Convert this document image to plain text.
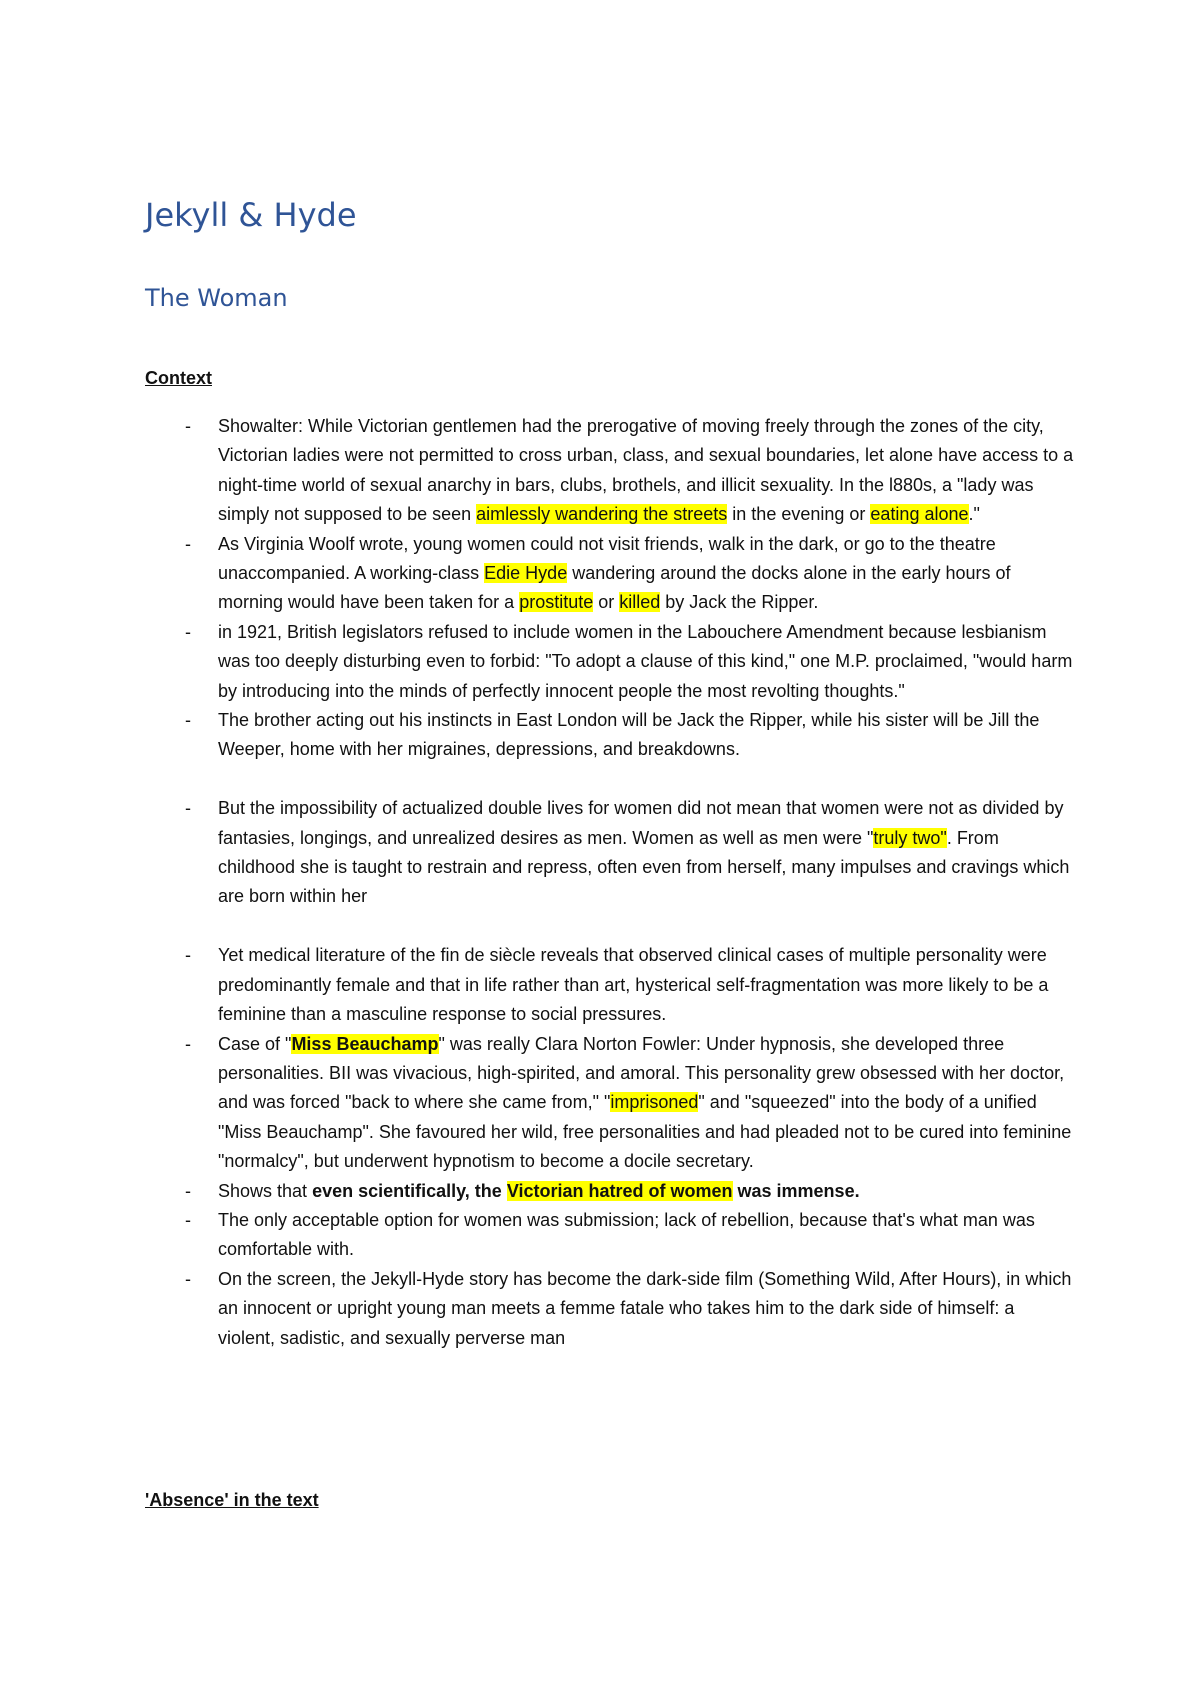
Jekyll & Hyde
The Woman
Context
- Showalter: While Victorian gentlemen had the prerogative of moving freely through the zones of the city, Victorian ladies were not permitted to cross urban, class, and sexual boundaries, let alone have access to a night-time world of sexual anarchy in bars, clubs, brothels, and illicit sexuality. In the l880s, a "lady was simply not supposed to be seen aimlessly wandering the streets in the evening or eating alone."
- As Virginia Woolf wrote, young women could not visit friends, walk in the dark, or go to the theatre unaccompanied. A working-class Edie Hyde wandering around the docks alone in the early hours of morning would have been taken for a prostitute or killed by Jack the Ripper.
- in 1921, British legislators refused to include women in the Labouchere Amendment because lesbianism was too deeply disturbing even to forbid: "To adopt a clause of this kind," one M.P. proclaimed, "would harm by introducing into the minds of perfectly innocent people the most revolting thoughts."
- The brother acting out his instincts in East London will be Jack the Ripper, while his sister will be Jill the Weeper, home with her migraines, depressions, and breakdowns.
- But the impossibility of actualized double lives for women did not mean that women were not as divided by fantasies, longings, and unrealized desires as men. Women as well as men were "truly two". From childhood she is taught to restrain and repress, often even from herself, many impulses and cravings which are born within her
- Yet medical literature of the fin de siècle reveals that observed clinical cases of multiple personality were predominantly female and that in life rather than art, hysterical self-fragmentation was more likely to be a feminine than a masculine response to social pressures.
- Case of "Miss Beauchamp" was really Clara Norton Fowler: Under hypnosis, she developed three personalities. BII was vivacious, high-spirited, and amoral. This personality grew obsessed with her doctor, and was forced "back to where she came from," "imprisoned" and "squeezed" into the body of a unified "Miss Beauchamp". She favoured her wild, free personalities and had pleaded not to be cured into feminine "normalcy", but underwent hypnotism to become a docile secretary.
- Shows that even scientifically, the Victorian hatred of women was immense.
- The only acceptable option for women was submission; lack of rebellion, because that's what man was comfortable with.
- On the screen, the Jekyll-Hyde story has become the dark-side film (Something Wild, After Hours), in which an innocent or upright young man meets a femme fatale who takes him to the dark side of himself: a violent, sadistic, and sexually perverse man
'Absence' in the text
